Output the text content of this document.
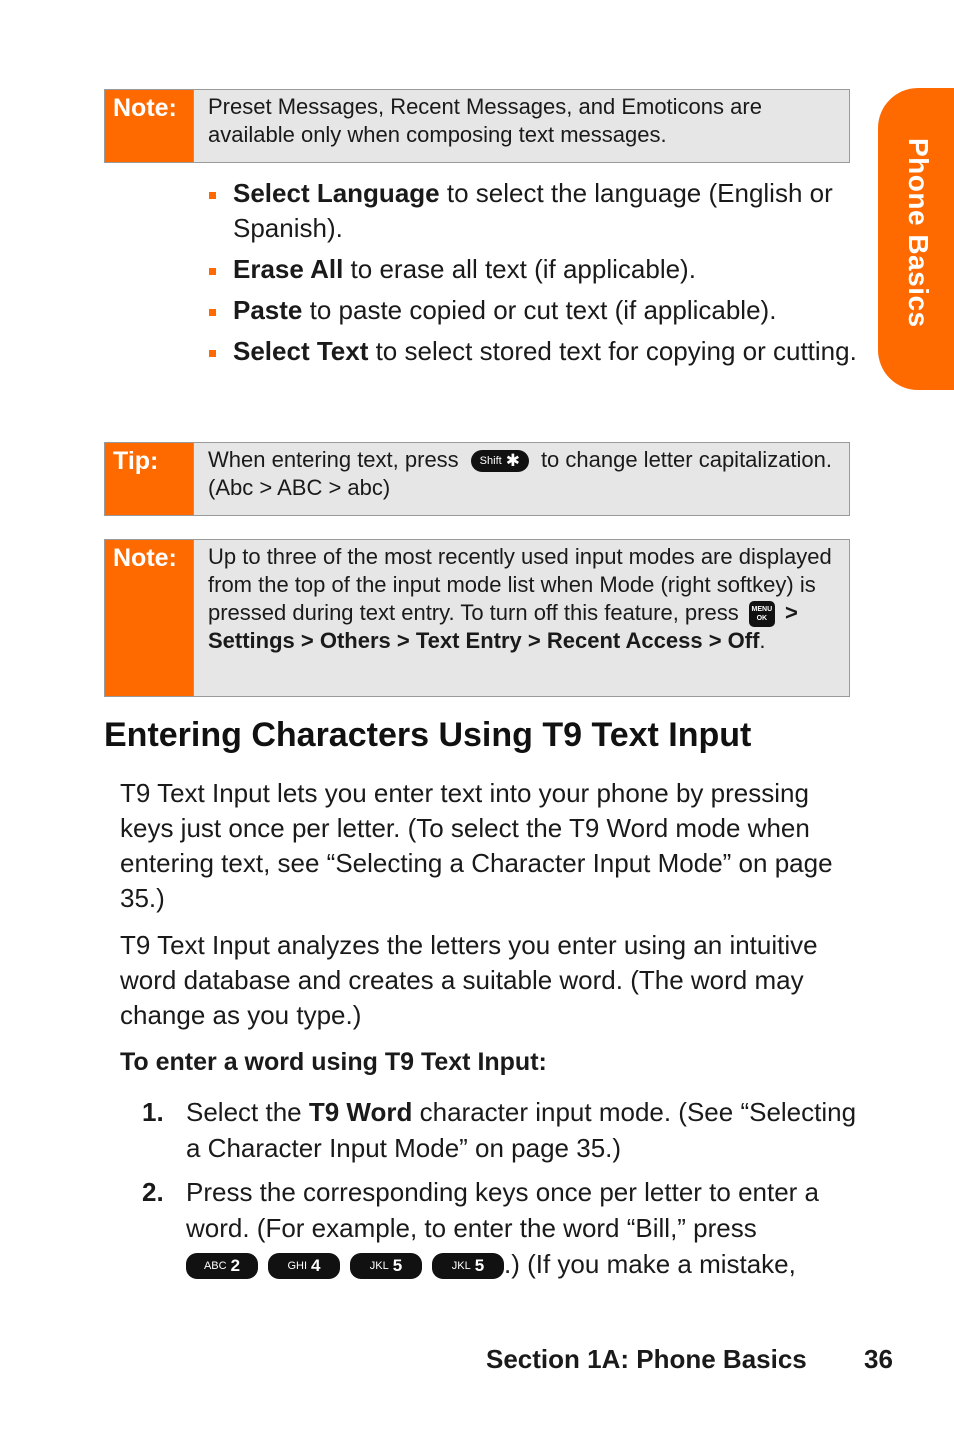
Phone Basics
Note:	Preset Messages, Recent Messages, and Emoticons are available only when composing text messages.
Select Language to select the language (English or Spanish).
Erase All to erase all text (if applicable).
Paste to paste copied or cut text (if applicable).
Select Text to select stored text for copying or cutting.
Tip:	When entering text, press Shift ✱ to change letter capitalization. (Abc > ABC > abc)
Note:	Up to three of the most recently used input modes are displayed from the top of the input mode list when Mode (right softkey) is pressed during text entry. To turn off this feature, press MENU
OK > Settings > Others > Text Entry > Recent Access > Off.
Entering Characters Using T9 Text Input

T9 Text Input lets you enter text into your phone by pressing keys just once per letter. (To select the T9 Word mode when entering text, see “Selecting a Character Input Mode” on page 35.)

T9 Text Input analyzes the letters you enter using an intuitive word database and creates a suitable word. (The word may change as you type.)

To enter a word using T9 Text Input:
1. Select the T9 Word character input mode. (See “Selecting a Character Input Mode” on page 35.)
2. Press the corresponding keys once per letter to enter a word. (For example, to enter the word “Bill,” press

ABC 2	GHI 4	JKL 5	JKL 5 .) (If you make a mistake,
Section 1A: Phone Basics 36
